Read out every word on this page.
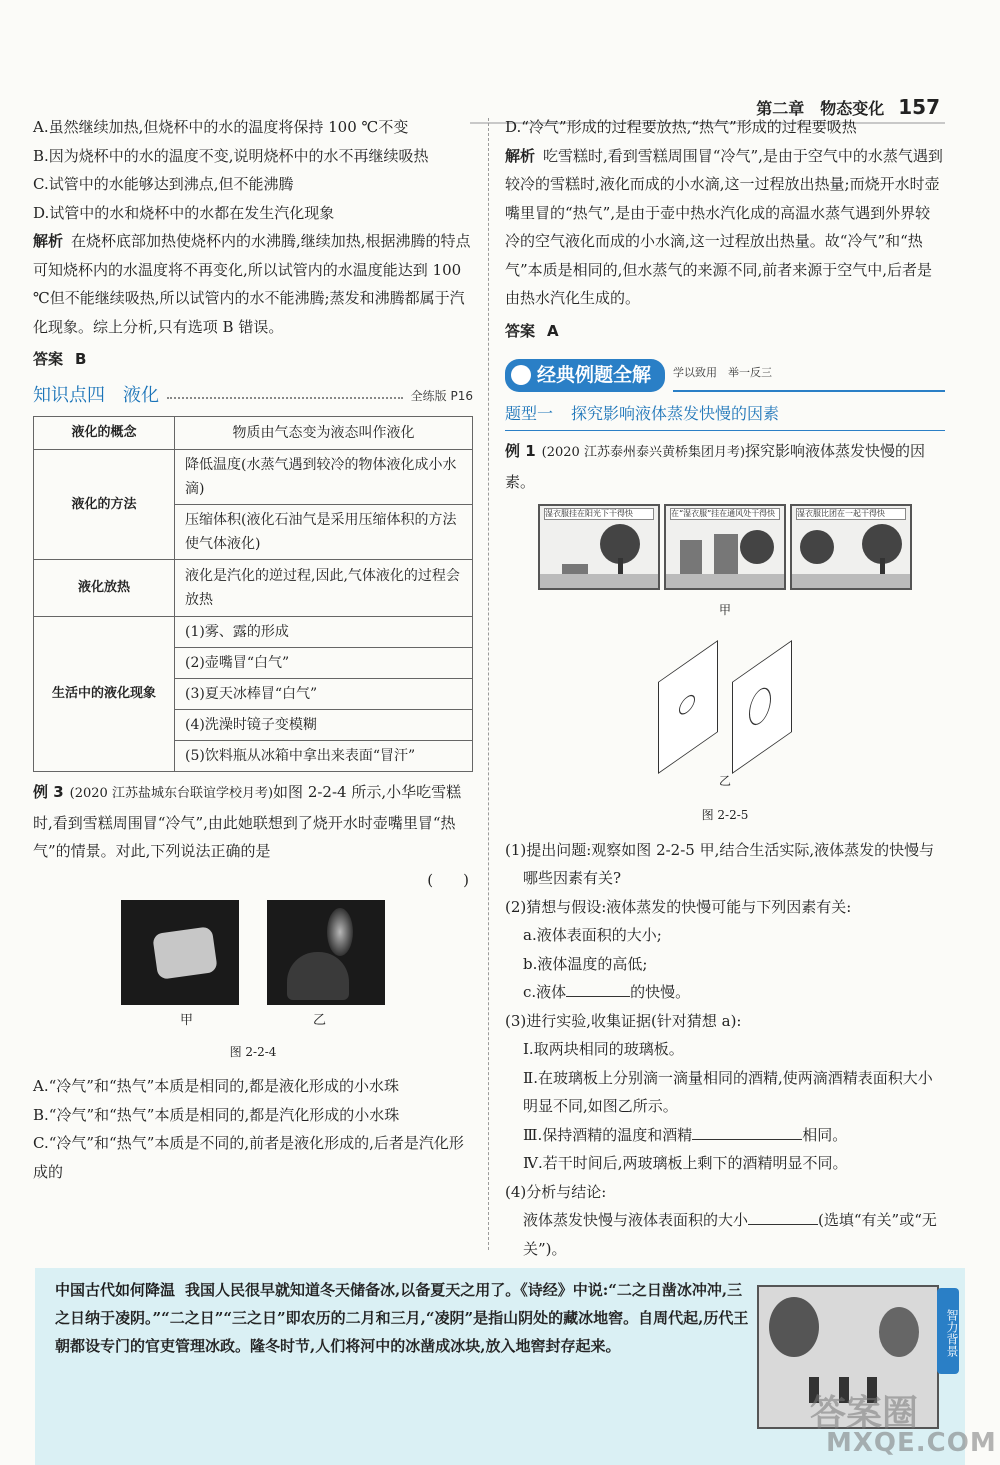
第二章　物态变化 157

A.虽然继续加热,但烧杯中的水的温度将保持 100 ℃不变

B.因为烧杯中的水的温度不变,说明烧杯中的水不再继续吸热

C.试管中的水能够达到沸点,但不能沸腾

D.试管中的水和烧杯中的水都在发生汽化现象

解析 在烧杯底部加热使烧杯内的水沸腾,继续加热,根据沸腾的特点可知烧杯内的水温度将不再变化,所以试管内的水温度能达到 100 ℃但不能继续吸热,所以试管内的水不能沸腾;蒸发和沸腾都属于汽化现象。综上分析,只有选项 B 错误。

答案 B

知识点四　液化	全练版 P16
液化的概念	物质由气态变为液态叫作液化
液化的方法	降低温度(水蒸气遇到较冷的物体液化成小水滴)
	压缩体积(液化石油气是采用压缩体积的方法使气体液化)
液化放热	液化是汽化的逆过程,因此,气体液化的过程会放热
生活中的液化现象	(1)雾、露的形成
	(2)壶嘴冒“白气”
	(3)夏天冰棒冒“白气”
	(4)洗澡时镜子变模糊
	(5)饮料瓶从冰箱中拿出来表面“冒汗”

例 3 (2020 江苏盐城东台联谊学校月考)如图 2-2-4 所示,小华吃雪糕时,看到雪糕周围冒“冷气”,由此她联想到了烧开水时壶嘴里冒“热气”的情景。对此,下列说法正确的是

(　　)

甲	乙

图 2-2-4

A.“冷气”和“热气”本质是相同的,都是液化形成的小水珠

B.“冷气”和“热气”本质是相同的,都是汽化形成的小水珠

C.“冷气”和“热气”本质是不同的,前者是液化形成的,后者是汽化形成的

D.“冷气”形成的过程要放热,“热气”形成的过程要吸热

解析 吃雪糕时,看到雪糕周围冒“冷气”,是由于空气中的水蒸气遇到较冷的雪糕时,液化而成的小水滴,这一过程放出热量;而烧开水时壶嘴里冒的“热气”,是由于壶中热水汽化成的高温水蒸气遇到外界较冷的空气液化而成的小水滴,这一过程放出热量。故“冷气”和“热气”本质是相同的,但水蒸气的来源不同,前者来源于空气中,后者是由热水汽化生成的。

答案 A

经典例题全解 学以致用　举一反三
题型一 探究影响液体蒸发快慢的因素

例 1 (2020 江苏泰州泰兴黄桥集团月考)探究影响液体蒸发快慢的因素。

湿衣服挂在阳光下干得快	在“湿衣服”挂在通风处干得快	湿衣服比团在一起干得快

甲

乙

图 2-2-5

(1)提出问题:观察如图 2-2-5 甲,结合生活实际,液体蒸发的快慢与哪些因素有关?

(2)猜想与假设:液体蒸发的快慢可能与下列因素有关:

a.液体表面积的大小;

b.液体温度的高低;

c.液体	的快慢。

(3)进行实验,收集证据(针对猜想 a):

Ⅰ.取两块相同的玻璃板。

Ⅱ.在玻璃板上分别滴一滴量相同的酒精,使两滴酒精表面积大小明显不同,如图乙所示。

Ⅲ.保持酒精的温度和酒精	相同。

Ⅳ.若干时间后,两玻璃板上剩下的酒精明显不同。

(4)分析与结论:

液体蒸发快慢与液体表面积的大小	(选填“有关”或“无关”)。

中国古代如何降温 我国人民很早就知道冬天储备冰,以备夏天之用了。《诗经》中说:“二之日凿冰冲冲,三之日纳于凌阴。”“二之日”“三之日”即农历的二月和三月,“凌阴”是指山阴处的藏冰地窖。自周代起,历代王朝都设专门的官吏管理冰政。隆冬时节,人们将河中的冰凿成冰块,放入地窖封存起来。	智力背景
答案圈
MXQE.COM
